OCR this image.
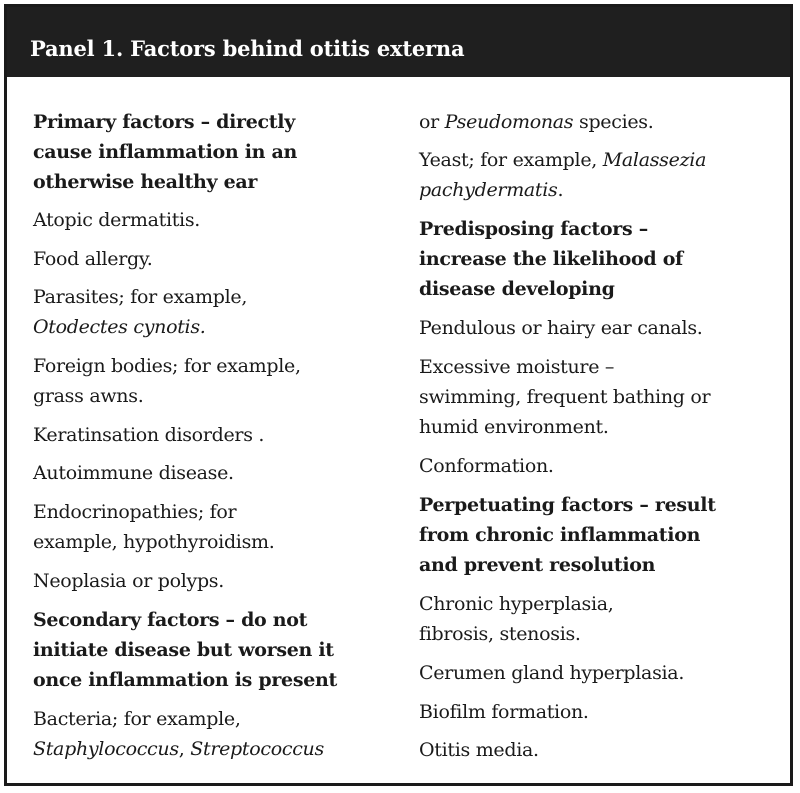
Panel 1. Factors behind otitis externa
Primary factors – directly
cause inflammation in an
otherwise healthy ear
Atopic dermatitis.
Food allergy.
Parasites; for example,
Otodectes cynotis.
Foreign bodies; for example,
grass awns.
Keratinsation disorders .
Autoimmune disease.
Endocrinopathies; for
example, hypothyroidism.
Neoplasia or polyps.
Secondary factors – do not
initiate disease but worsen it
once inflammation is present
Bacteria; for example,
Staphylococcus, Streptococcus
or Pseudomonas species.
Yeast; for example, Malassezia
pachydermatis.
Predisposing factors –
increase the likelihood of
disease developing
Pendulous or hairy ear canals.
Excessive moisture –
swimming, frequent bathing or
humid environment.
Conformation.
Perpetuating factors – result
from chronic inflammation
and prevent resolution
Chronic hyperplasia,
fibrosis, stenosis.
Cerumen gland hyperplasia.
Biofilm formation.
Otitis media.
